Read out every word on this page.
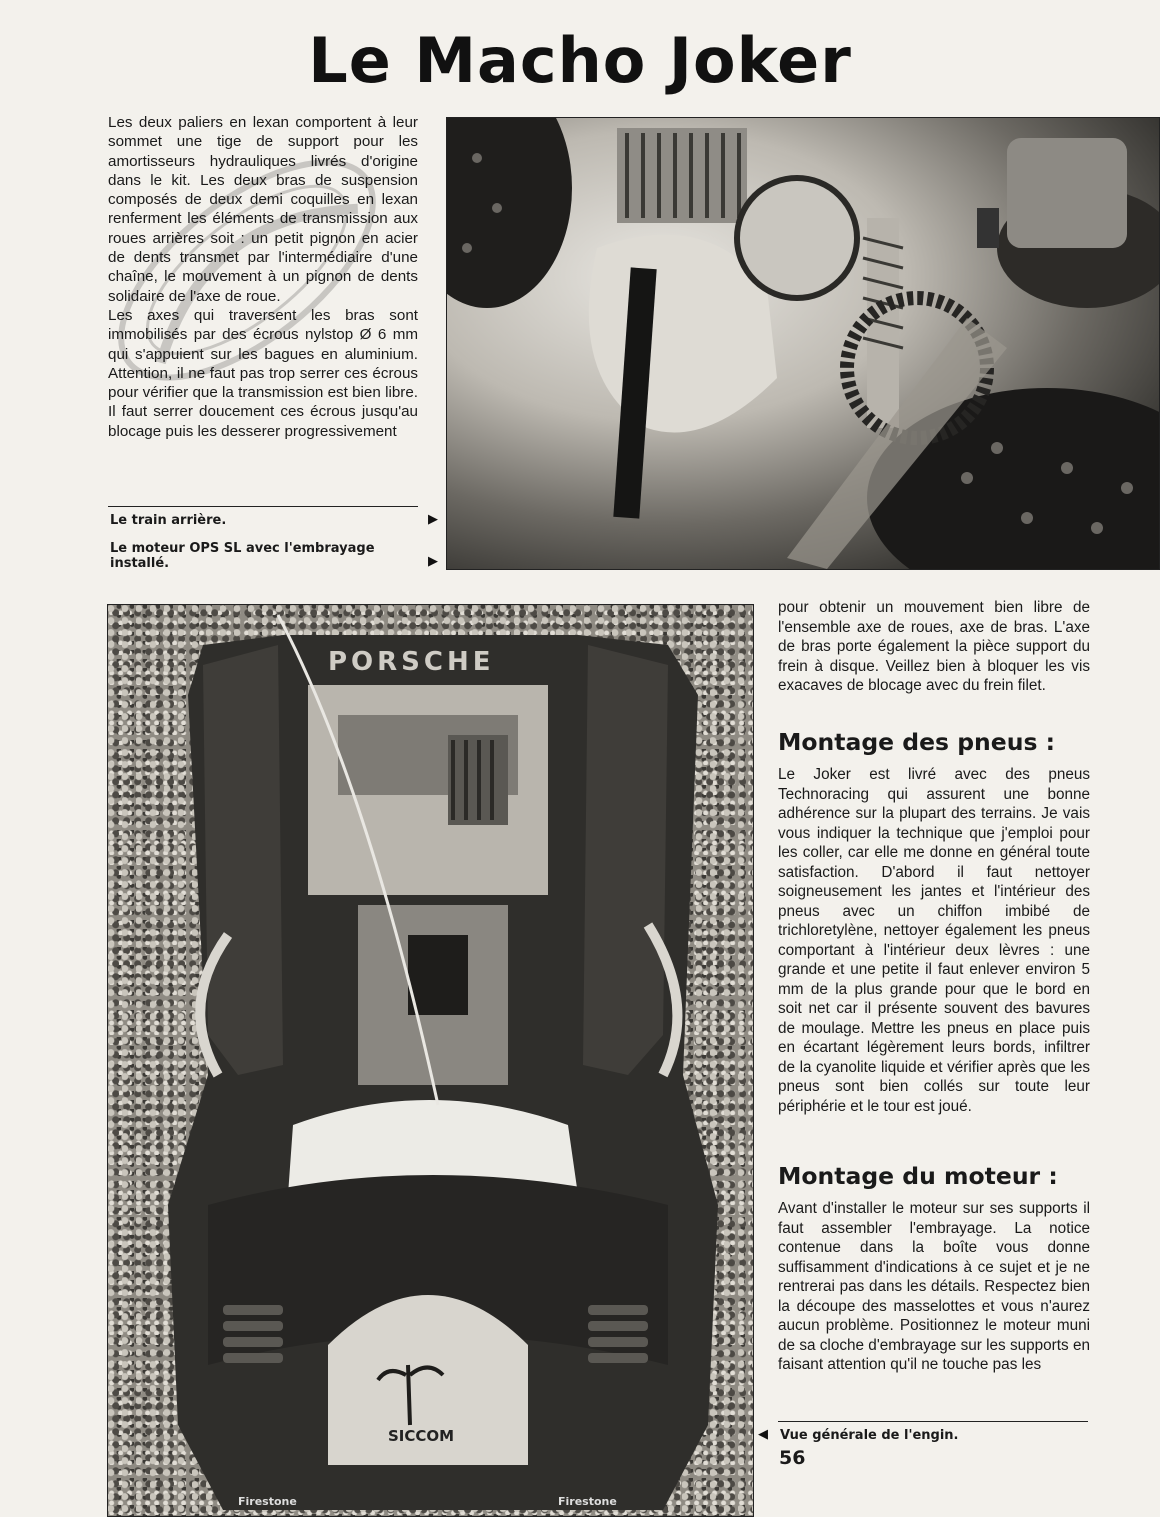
Le Macho Joker

Les deux paliers en lexan comportent à leur sommet une tige de support pour les amortisseurs hydrauliques livrés d'origine dans le kit. Les deux bras de suspension composés de deux demi coquilles en lexan renferment les éléments de transmission aux roues arrières soit : un petit pignon en acier de dents transmet par l'intermédiaire d'une chaîne, le mouvement à un pignon de dents solidaire de l'axe de roue.

Les axes qui traversent les bras sont immobilisés par des écrous nylstop Ø 6 mm qui s'appuient sur les bagues en aluminium. Attention, il ne faut pas trop serrer ces écrous pour vérifier que la transmission est bien libre. Il faut serrer doucement ces écrous jusqu'au blocage puis les desserer progressivement

Le train arrière.	▶
Le moteur OPS SL avec l'embrayage installé.	▶
PORSCHE
SICCOM
Firestone	Firestone

pour obtenir un mouvement bien libre de l'ensemble axe de roues, axe de bras. L'axe de bras porte également la pièce support du frein à disque. Veillez bien à bloquer les vis exacaves de blocage avec du frein filet.

Montage des pneus :

Le Joker est livré avec des pneus Technoracing qui assurent une bonne adhérence sur la plupart des terrains. Je vais vous indiquer la technique que j'emploi pour les coller, car elle me donne en général toute satisfaction. D'abord il faut nettoyer soigneusement les jantes et l'intérieur des pneus avec un chiffon imbibé de trichloretylène, nettoyer également les pneus comportant à l'intérieur deux lèvres : une grande et une petite il faut enlever environ 5 mm de la plus grande pour que le bord en soit net car il présente souvent des bavures de moulage. Mettre les pneus en place puis en écartant légèrement leurs bords, infiltrer de la cyanolite liquide et vérifier après que les pneus sont bien collés sur toute leur périphérie et le tour est joué.

Montage du moteur :

Avant d'installer le moteur sur ses supports il faut assembler l'embrayage. La notice contenue dans la boîte vous donne suffisamment d'indications à ce sujet et je ne rentrerai pas dans les détails. Respectez bien la découpe des masselottes et vous n'aurez aucun problème. Positionnez le moteur muni de sa cloche d'embrayage sur les supports en faisant attention qu'il ne touche pas les

◀ Vue générale de l'engin.
56
